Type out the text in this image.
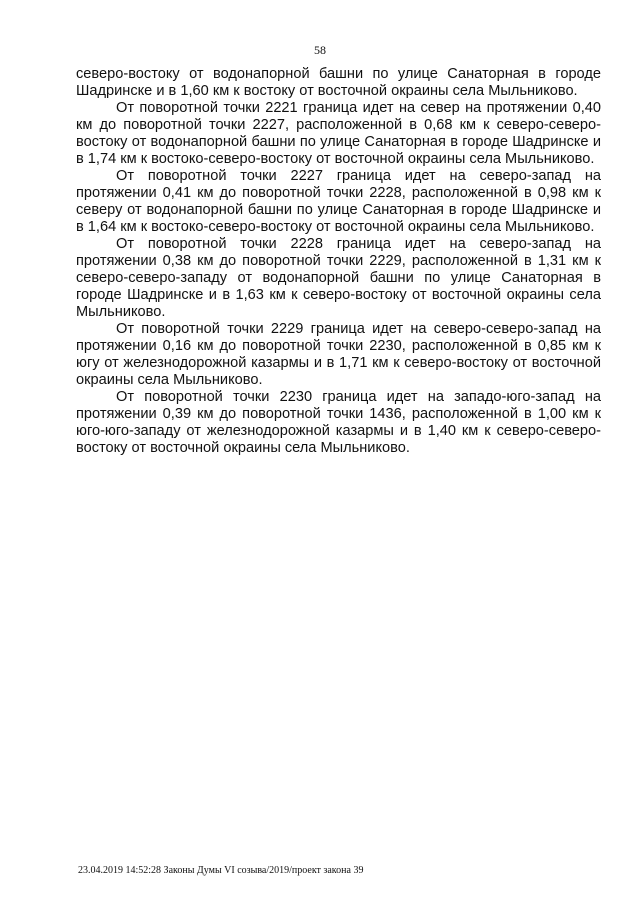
58

северо-востоку от водонапорной башни по улице Санаторная в городе Шадринске и в 1,60 км к востоку от восточной окраины села Мыльниково.

От поворотной точки 2221 граница идет на север на протяжении 0,40 км до поворотной точки 2227, расположенной в 0,68 км к северо-северо-востоку от водонапорной башни по улице Санаторная в городе Шадринске и в 1,74 км к востоко-северо-востоку от восточной окраины села Мыльниково.

От поворотной точки 2227 граница идет на северо-запад на протяжении 0,41 км до поворотной точки 2228, расположенной в 0,98 км к северу от водонапорной башни по улице Санаторная в городе Шадринске и в 1,64 км к востоко-северо-востоку от восточной окраины села Мыльниково.

От поворотной точки 2228 граница идет на северо-запад на протяжении 0,38 км до поворотной точки 2229, расположенной в 1,31 км к северо-северо-западу от водонапорной башни по улице Санаторная в городе Шадринске и в 1,63 км к северо-востоку от восточной окраины села Мыльниково.

От поворотной точки 2229 граница идет на северо-северо-запад на протяжении 0,16 км до поворотной точки 2230, расположенной в 0,85 км к югу от железнодорожной казармы и в 1,71 км к северо-востоку от восточной окраины села Мыльниково.

От поворотной точки 2230 граница идет на западо-юго-запад на протяжении 0,39 км до поворотной точки 1436, расположенной в 1,00 км к юго-юго-западу от железнодорожной казармы и в 1,40 км к северо-северо-востоку от восточной окраины села Мыльниково.

23.04.2019 14:52:28 Законы Думы VI созыва/2019/проект закона 39
